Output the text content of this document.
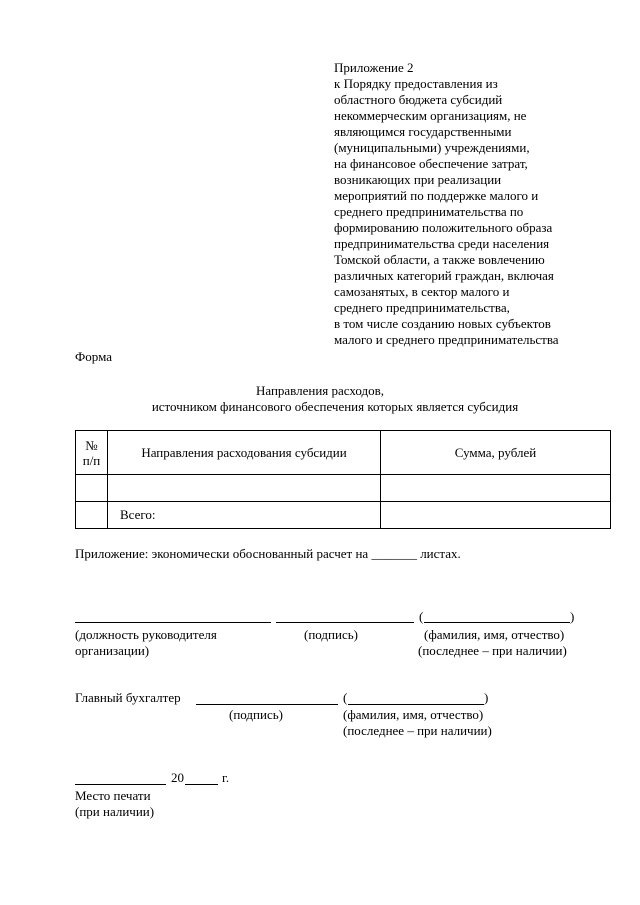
Приложение 2
к Порядку предоставления из
областного бюджета субсидий
некоммерческим организациям, не
являющимся государственными
(муниципальными) учреждениями,
на финансовое обеспечение затрат,
возникающих при реализации
мероприятий по поддержке малого и
среднего предпринимательства по
формированию положительного образа
предпринимательства среди населения
Томской области, а также вовлечению
различных категорий граждан, включая
самозанятых, в сектор малого и
среднего предпринимательства,
в том числе созданию новых субъектов
малого и среднего предпринимательства
Форма
Направления расходов,
источником финансового обеспечения которых является субсидия
№
п/п	Направления расходования субсидии	Сумма, рублей

	Всего:	
Приложение: экономически обоснованный расчет на _______ листах.
(	)
(должность руководителя
организации)
(подпись)	(фамилия, имя, отчество)
(последнее – при наличии)
Главный бухгалтер	(	)
(подпись)	(фамилия, имя, отчество)
(последнее – при наличии)
20	г.
Место печати
(при наличии)
